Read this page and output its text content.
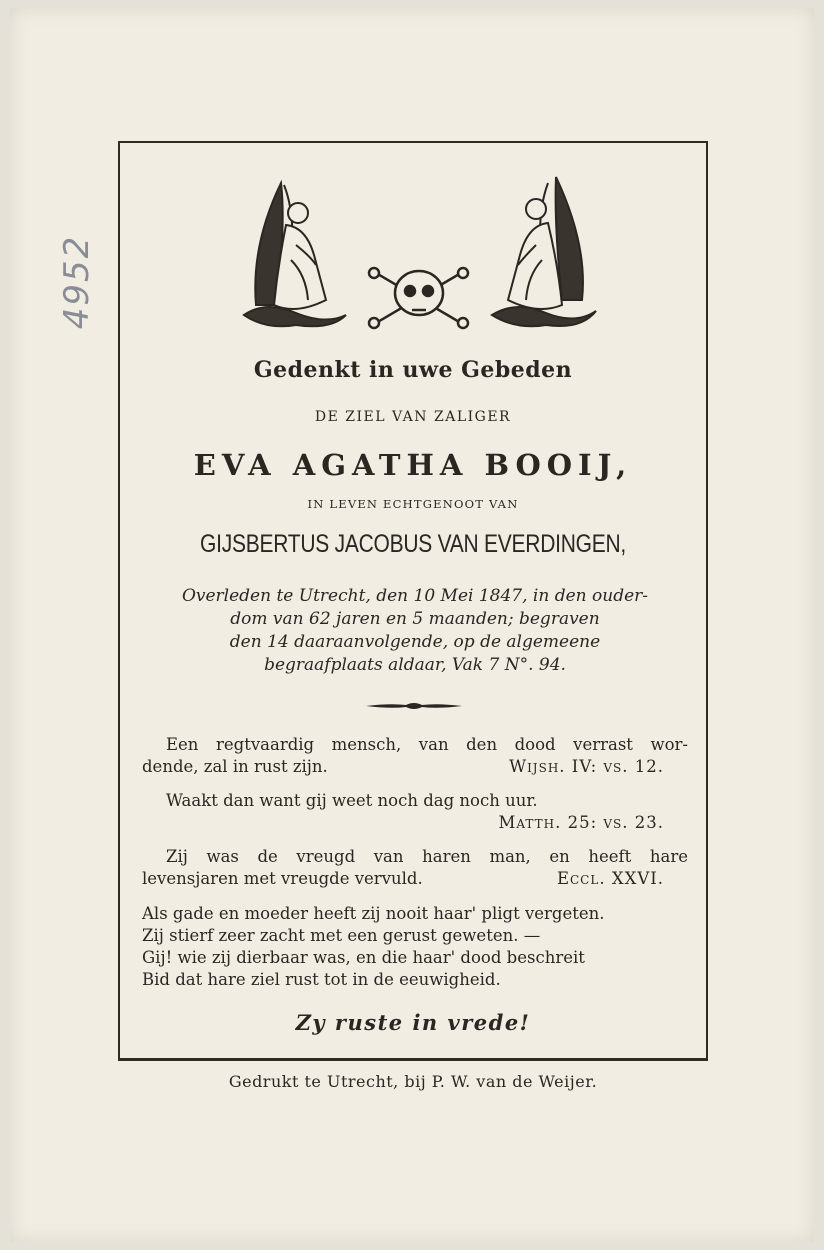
4952
Gedenkt in uwe Gebeden
DE ZIEL VAN ZALIGER
EVA AGATHA BOOIJ,
IN LEVEN ECHTGENOOT VAN
GIJSBERTUS JACOBUS VAN EVERDINGEN,
Overleden te Utrecht, den 10 Mei 1847, in den ouder-
dom van 62 jaren en 5 maanden; begraven
den 14 daaraanvolgende, op de algemeene
begraafplaats aldaar, Vak 7 N°. 94.
Een regtvaardig mensch, van den dood verrast wor-
dende, zal in rust zijn.	Wijsh. IV: vs. 12.
Waakt dan want gij weet noch dag noch uur.
Matth. 25: vs. 23.
Zij was de vreugd van haren man, en heeft hare
levensjaren met vreugde vervuld.	Eccl. XXVI.
Als gade en moeder heeft zij nooit haar' pligt vergeten.
Zij stierf zeer zacht met een gerust geweten. —
Gij! wie zij dierbaar was, en die haar' dood beschreit
Bid dat hare ziel rust tot in de eeuwigheid.
Zy ruste in vrede!
Gedrukt te Utrecht, bij P. W. van de Weijer.
